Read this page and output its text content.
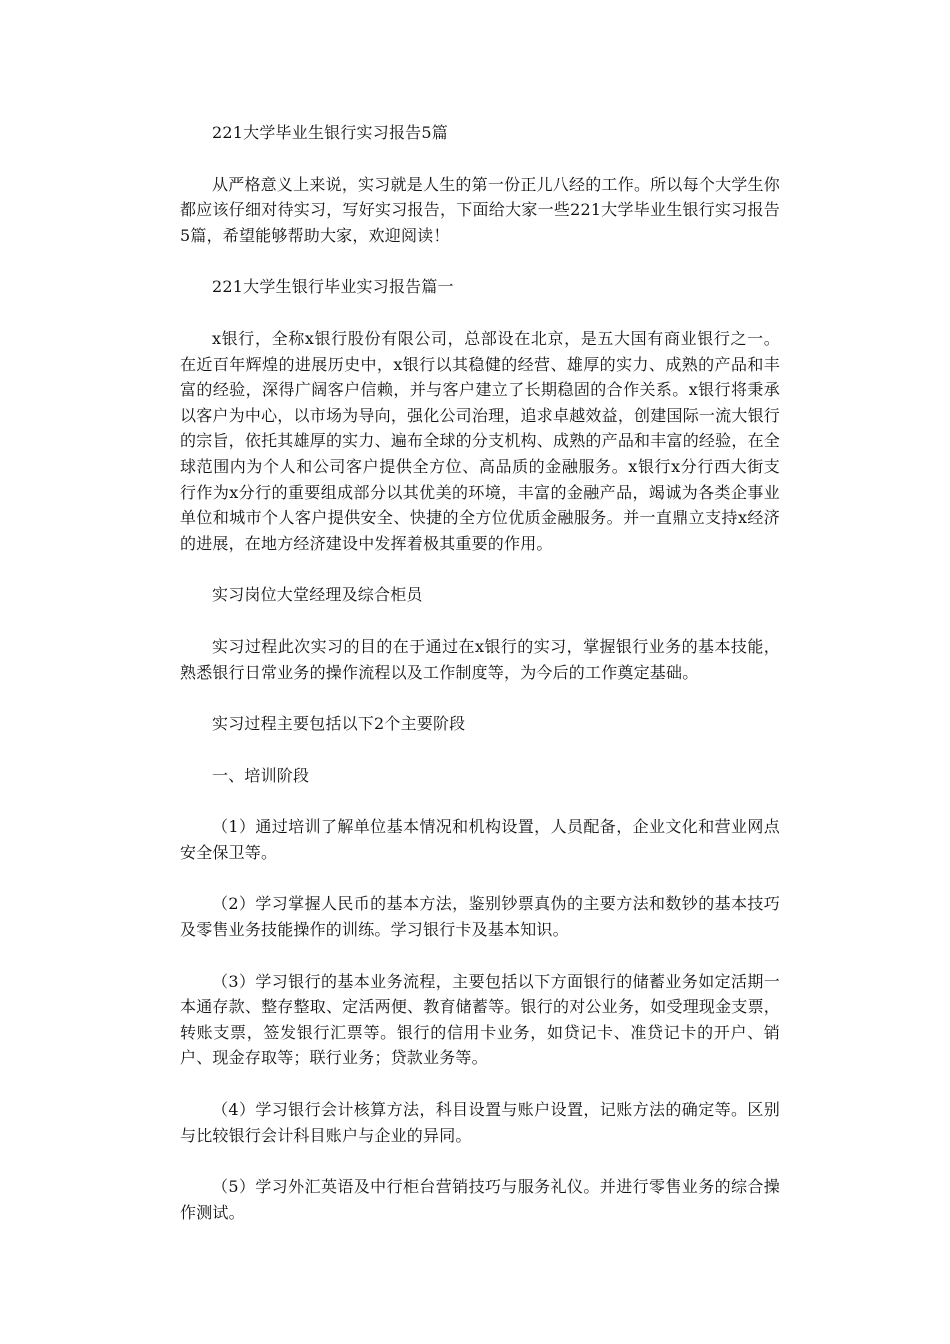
221大学毕业生银行实习报告5篇

从严格意义上来说，实习就是人生的第一份正儿八经的工作。所以每个大学生你都应该仔细对待实习，写好实习报告，下面给大家一些221大学毕业生银行实习报告5篇，希望能够帮助大家，欢迎阅读！

221大学生银行毕业实习报告篇一

x银行，全称x银行股份有限公司，总部设在北京，是五大国有商业银行之一。在近百年辉煌的进展历史中，x银行以其稳健的经营、雄厚的实力、成熟的产品和丰富的经验，深得广阔客户信赖，并与客户建立了长期稳固的合作关系。x银行将秉承以客户为中心，以市场为导向，强化公司治理，追求卓越效益，创建国际一流大银行的宗旨，依托其雄厚的实力、遍布全球的分支机构、成熟的产品和丰富的经验，在全球范围内为个人和公司客户提供全方位、高品质的金融服务。x银行x分行西大街支行作为x分行的重要组成部分以其优美的环境，丰富的金融产品，竭诚为各类企事业单位和城市个人客户提供安全、快捷的全方位优质金融服务。并一直鼎立支持x经济的进展，在地方经济建设中发挥着极其重要的作用。

实习岗位大堂经理及综合柜员

实习过程此次实习的目的在于通过在x银行的实习，掌握银行业务的基本技能，熟悉银行日常业务的操作流程以及工作制度等，为今后的工作奠定基础。

实习过程主要包括以下2个主要阶段

一、培训阶段

（1）通过培训了解单位基本情况和机构设置，人员配备，企业文化和营业网点安全保卫等。

（2）学习掌握人民币的基本方法，鉴别钞票真伪的主要方法和数钞的基本技巧及零售业务技能操作的训练。学习银行卡及基本知识。

（3）学习银行的基本业务流程，主要包括以下方面银行的储蓄业务如定活期一本通存款、整存整取、定活两便、教育储蓄等。银行的对公业务，如受理现金支票，转账支票，签发银行汇票等。银行的信用卡业务，如贷记卡、准贷记卡的开户、销户、现金存取等；联行业务；贷款业务等。

（4）学习银行会计核算方法，科目设置与账户设置，记账方法的确定等。区别与比较银行会计科目账户与企业的异同。

（5）学习外汇英语及中行柜台营销技巧与服务礼仪。并进行零售业务的综合操作测试。
